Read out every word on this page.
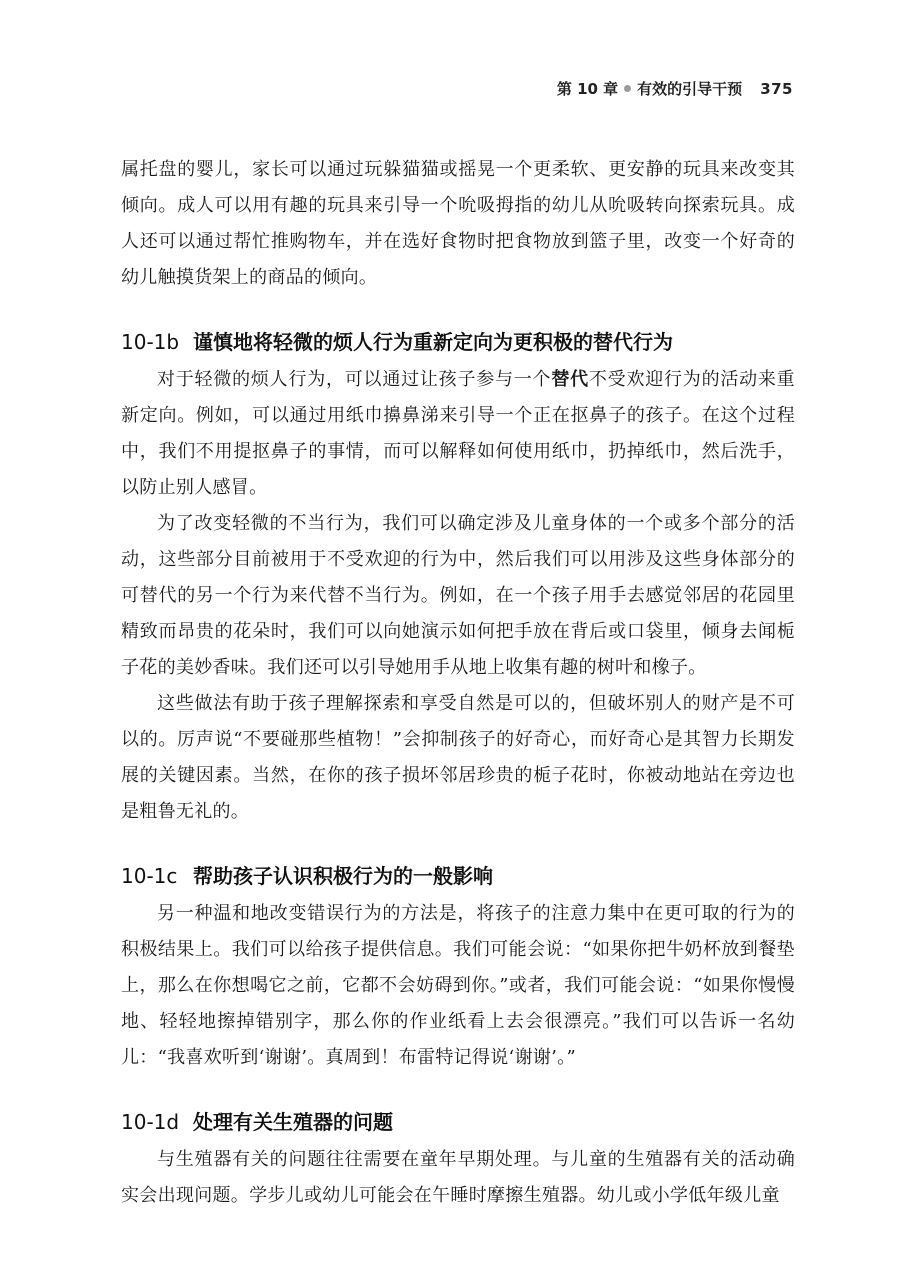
第 10 章 有效的引导干预 375

属托盘的婴儿，家长可以通过玩躲猫猫或摇晃一个更柔软、更安静的玩具来改变其倾向。成人可以用有趣的玩具来引导一个吮吸拇指的幼儿从吮吸转向探索玩具。成人还可以通过帮忙推购物车，并在选好食物时把食物放到篮子里，改变一个好奇的幼儿触摸货架上的商品的倾向。

10-1b 谨慎地将轻微的烦人行为重新定向为更积极的替代行为

对于轻微的烦人行为，可以通过让孩子参与一个替代不受欢迎行为的活动来重新定向。例如，可以通过用纸巾擤鼻涕来引导一个正在抠鼻子的孩子。在这个过程中，我们不用提抠鼻子的事情，而可以解释如何使用纸巾，扔掉纸巾，然后洗手，以防止别人感冒。

为了改变轻微的不当行为，我们可以确定涉及儿童身体的一个或多个部分的活动，这些部分目前被用于不受欢迎的行为中，然后我们可以用涉及这些身体部分的可替代的另一个行为来代替不当行为。例如，在一个孩子用手去感觉邻居的花园里精致而昂贵的花朵时，我们可以向她演示如何把手放在背后或口袋里，倾身去闻栀子花的美妙香味。我们还可以引导她用手从地上收集有趣的树叶和橡子。

这些做法有助于孩子理解探索和享受自然是可以的，但破坏别人的财产是不可以的。厉声说“不要碰那些植物！”会抑制孩子的好奇心，而好奇心是其智力长期发展的关键因素。当然，在你的孩子损坏邻居珍贵的栀子花时，你被动地站在旁边也是粗鲁无礼的。

10-1c 帮助孩子认识积极行为的一般影响

另一种温和地改变错误行为的方法是，将孩子的注意力集中在更可取的行为的积极结果上。我们可以给孩子提供信息。我们可能会说：“如果你把牛奶杯放到餐垫上，那么在你想喝它之前，它都不会妨碍到你。”或者，我们可能会说：“如果你慢慢地、轻轻地擦掉错别字，那么你的作业纸看上去会很漂亮。”我们可以告诉一名幼儿：“我喜欢听到‘谢谢’。真周到！布雷特记得说‘谢谢’。”

10-1d 处理有关生殖器的问题

与生殖器有关的问题往往需要在童年早期处理。与儿童的生殖器有关的活动确实会出现问题。学步儿或幼儿可能会在午睡时摩擦生殖器。幼儿或小学低年级儿童
